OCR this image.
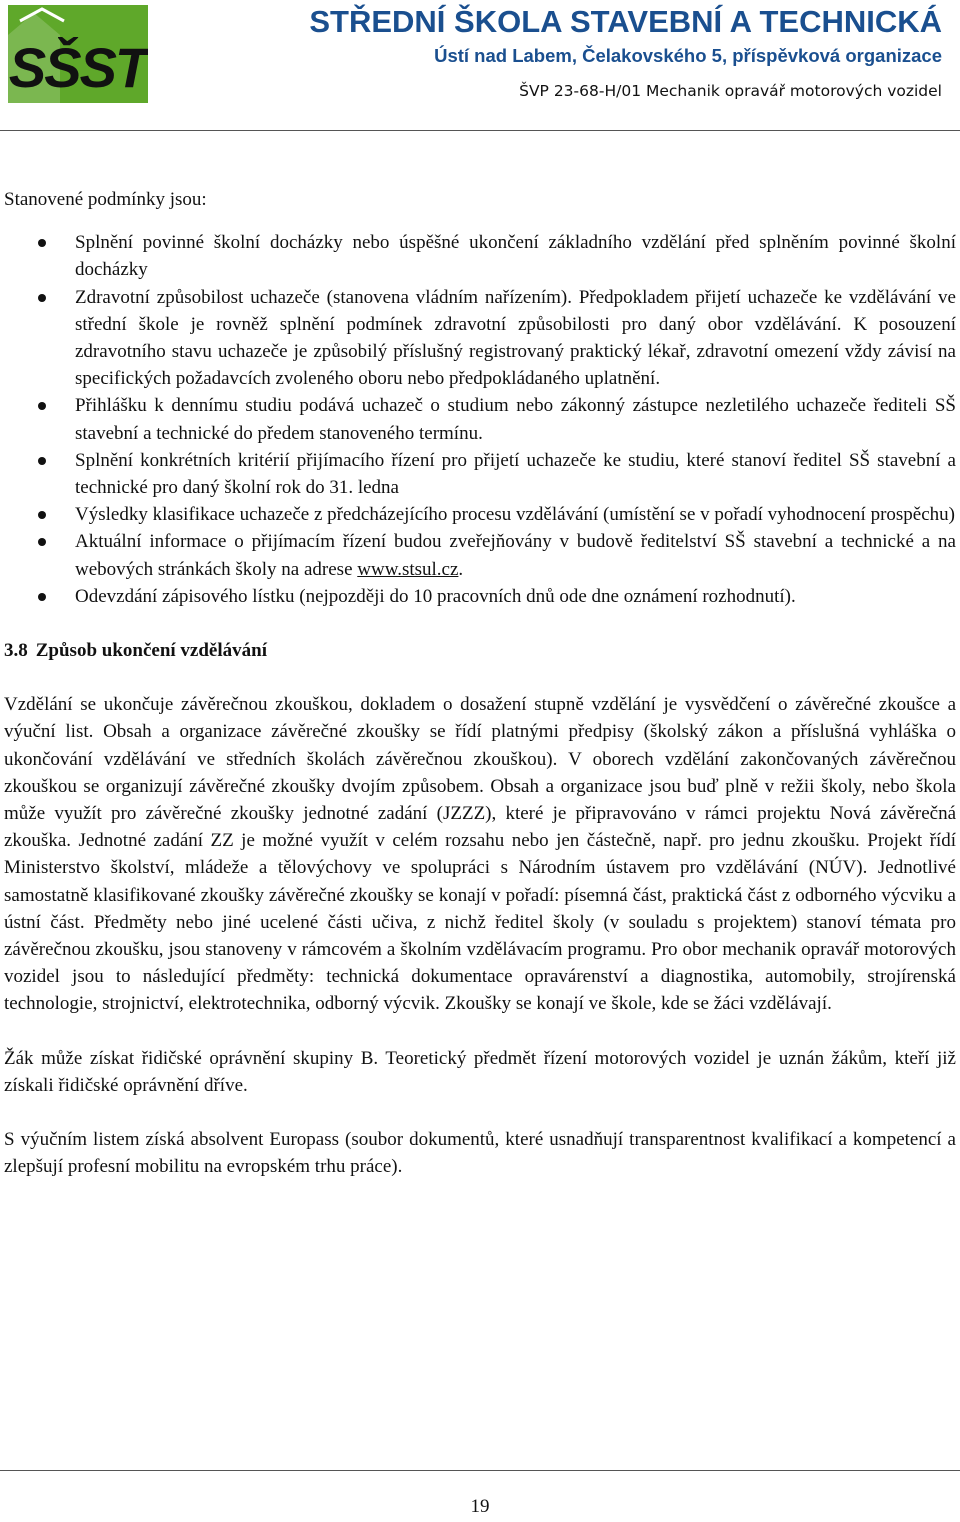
SŠST
STŘEDNÍ ŠKOLA STAVEBNÍ A TECHNICKÁ
Ústí nad Labem, Čelakovského 5, příspěvková organizace
ŠVP 23-68-H/01 Mechanik opravář motorových vozidel

Stanovené podmínky jsou:

Splnění povinné školní docházky nebo úspěšné ukončení základního vzdělání před splněním povinné školní docházky
Zdravotní způsobilost uchazeče (stanovena vládním nařízením). Předpokladem přijetí uchazeče ke vzdělávání ve střední škole je rovněž splnění podmínek zdravotní způsobilosti pro daný obor vzdělávání. K posouzení zdravotního stavu uchazeče je způsobilý příslušný registrovaný praktický lékař, zdravotní omezení vždy závisí na specifických požadavcích zvoleného oboru nebo předpokládaného uplatnění.
Přihlášku k dennímu studiu podává uchazeč o studium nebo zákonný zástupce nezletilého uchazeče řediteli SŠ stavební a technické do předem stanoveného termínu.
Splnění konkrétních kritérií přijímacího řízení pro přijetí uchazeče ke studiu, které stanoví ředitel SŠ stavební a technické pro daný školní rok do 31. ledna
Výsledky klasifikace uchazeče z předcházejícího procesu vzdělávání (umístění se v pořadí vyhodnocení prospěchu)
Aktuální informace o přijímacím řízení budou zveřejňovány v budově ředitelství SŠ stavební a technické a na webových stránkách školy na adrese www.stsul.cz.
Odevzdání zápisového lístku (nejpozději do 10 pracovních dnů ode dne oznámení rozhodnutí).
3.8 Způsob ukončení vzdělávání

Vzdělání se ukončuje závěrečnou zkouškou, dokladem o dosažení stupně vzdělání je vysvědčení o závěrečné zkoušce a výuční list. Obsah a organizace závěrečné zkoušky se řídí platnými předpisy (školský zákon a příslušná vyhláška o ukončování vzdělávání ve středních školách závěrečnou zkouškou). V oborech vzdělání zakončovaných závěrečnou zkouškou se organizují závěrečné zkoušky dvojím způsobem. Obsah a organizace jsou buď plně v režii školy, nebo škola může využít pro závěrečné zkoušky jednotné zadání (JZZZ), které je připravováno v rámci projektu Nová závěrečná zkouška. Jednotné zadání ZZ je možné využít v celém rozsahu nebo jen částečně, např. pro jednu zkoušku. Projekt řídí Ministerstvo školství, mládeže a tělovýchovy ve spolupráci s Národním ústavem pro vzdělávání (NÚV). Jednotlivé samostatně klasifikované zkoušky závěrečné zkoušky se konají v pořadí: písemná část, praktická část z odborného výcviku a ústní část. Předměty nebo jiné ucelené části učiva, z nichž ředitel školy (v souladu s projektem) stanoví témata pro závěrečnou zkoušku, jsou stanoveny v rámcovém a školním vzdělávacím programu. Pro obor mechanik opravář motorových vozidel jsou to následující předměty: technická dokumentace opravárenství a diagnostika, automobily, strojírenská technologie, strojnictví, elektrotechnika, odborný výcvik. Zkoušky se konají ve škole, kde se žáci vzdělávají.

Žák může získat řidičské oprávnění skupiny B. Teoretický předmět řízení motorových vozidel je uznán žákům, kteří již získali řidičské oprávnění dříve.

S výučním listem získá absolvent Europass (soubor dokumentů, které usnadňují transparentnost kvalifikací a kompetencí a zlepšují profesní mobilitu na evropském trhu práce).

19
